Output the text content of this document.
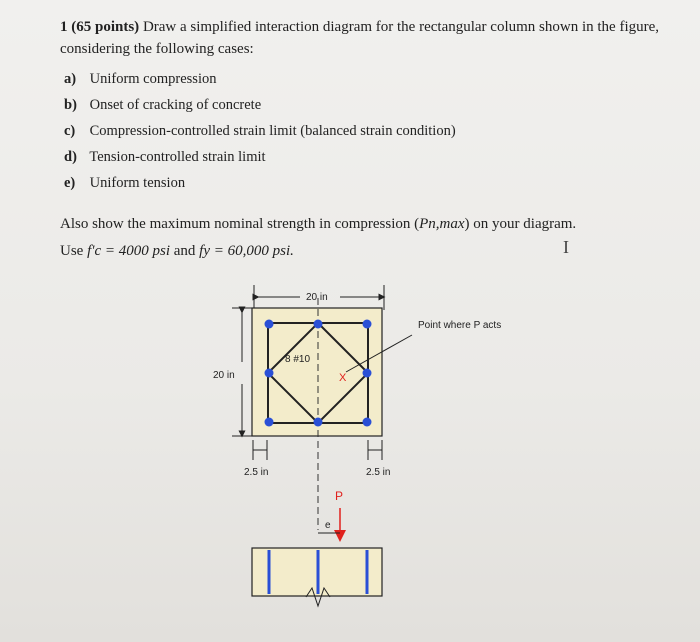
1 (65 points) Draw a simplified interaction diagram for the rectangular column shown in the figure,
considering the following cases:
a) Uniform compression
b) Onset of cracking of concrete
c) Compression-controlled strain limit (balanced strain condition)
d) Tension-controlled strain limit
e) Uniform tension
Also show the maximum nominal strength in compression (Pn,max) on your diagram.
Use f'c = 4000 psi and fy = 60,000 psi.	I
20 in
20 in
8 #10
X
Point where P acts
2.5 in	2.5 in
P
e
